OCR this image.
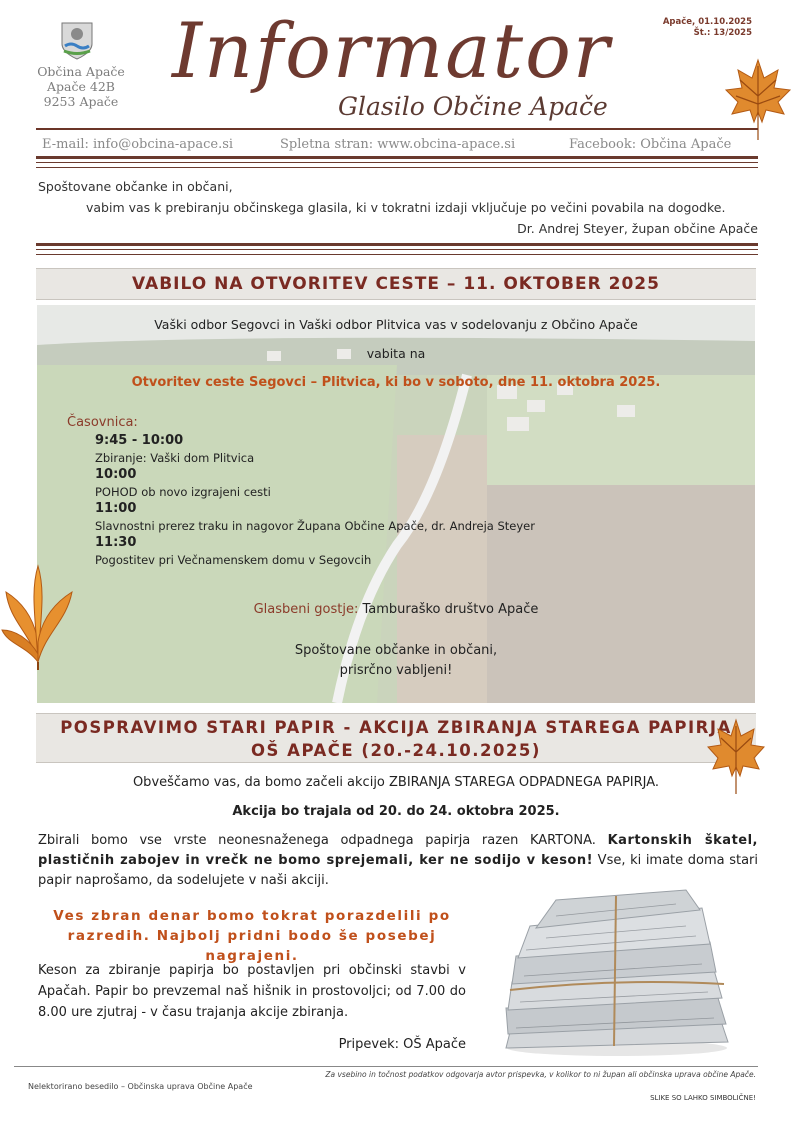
Občina Apače
Apače 42B
9253 Apače
Informator
Glasilo Občine Apače
Apače, 01.10.2025
Št.: 13/2025
E-mail: info@obcina-apace.si	Spletna stran: www.obcina-apace.si	Facebook: Občina Apače
Spoštovane občanke in občani,
vabim vas k prebiranju občinskega glasila, ki v tokratni izdaji vključuje po večini povabila na dogodke.
Dr. Andrej Steyer, župan občine Apače
VABILO NA OTVORITEV CESTE – 11. OKTOBER 2025
Vaški odbor Segovci in Vaški odbor Plitvica vas v sodelovanju z Občino Apače
vabita na
Otvoritev ceste Segovci – Plitvica, ki bo v soboto, dne 11. oktobra 2025.
Časovnica:
9:45 - 10:00
Zbiranje: Vaški dom Plitvica
10:00
POHOD ob novo izgrajeni cesti
11:00
Slavnostni prerez traku in nagovor Župana Občine Apače, dr. Andreja Steyer
11:30
Pogostitev pri Večnamenskem domu v Segovcih
Glasbeni gostje: Tamburaško društvo Apače
Spoštovane občanke in občani,
prisrčno vabljeni!
POSPRAVIMO STARI PAPIR - AKCIJA ZBIRANJA STAREGA PAPIRJA
OŠ APAČE (20.-24.10.2025)
Obveščamo vas, da bomo začeli akcijo ZBIRANJA STAREGA ODPADNEGA PAPIRJA.
Akcija bo trajala od 20. do 24. oktobra 2025.
Zbirali bomo vse vrste neonesnaženega odpadnega papirja razen KARTONA. Kartonskih škatel, plastičnih zabojev in vrečk ne bomo sprejemali, ker ne sodijo v keson! Vse, ki imate doma stari papir naprošamo, da sodelujete v naši akciji.
Ves zbran denar bomo tokrat porazdelili po razredih. Najbolj pridni bodo še posebej nagrajeni.
Keson za zbiranje papirja bo postavljen pri občinski stavbi v Apačah. Papir bo prevzemal naš hišnik in prostovoljci; od 7.00 do 8.00 ure zjutraj - v času trajanja akcije zbiranja.
Pripevek: OŠ Apače
Za vsebino in točnost podatkov odgovarja avtor prispevka, v kolikor to ni župan ali občinska uprava občine Apače.
Nelektorirano besedilo – Občinska uprava Občine Apače
SLIKE SO LAHKO SIMBOLIČNE!
